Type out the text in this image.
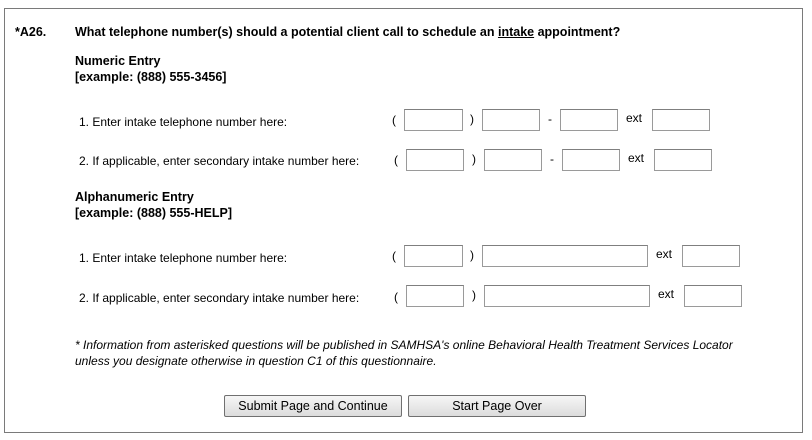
*A26. What telephone number(s) should a potential client call to schedule an intake appointment?
Numeric Entry
[example: (888) 555-3456]
1. Enter intake telephone number here:	(	)	-	ext
2. If applicable, enter secondary intake number here:	(	)	-	ext
Alphanumeric Entry
[example: (888) 555-HELP]
1. Enter intake telephone number here:	(	)	ext
2. If applicable, enter secondary intake number here:	(	)	ext
* Information from asterisked questions will be published in SAMHSA's online Behavioral Health Treatment Services Locator
unless you designate otherwise in question C1 of this questionnaire.
Submit Page and Continue	Start Page Over
